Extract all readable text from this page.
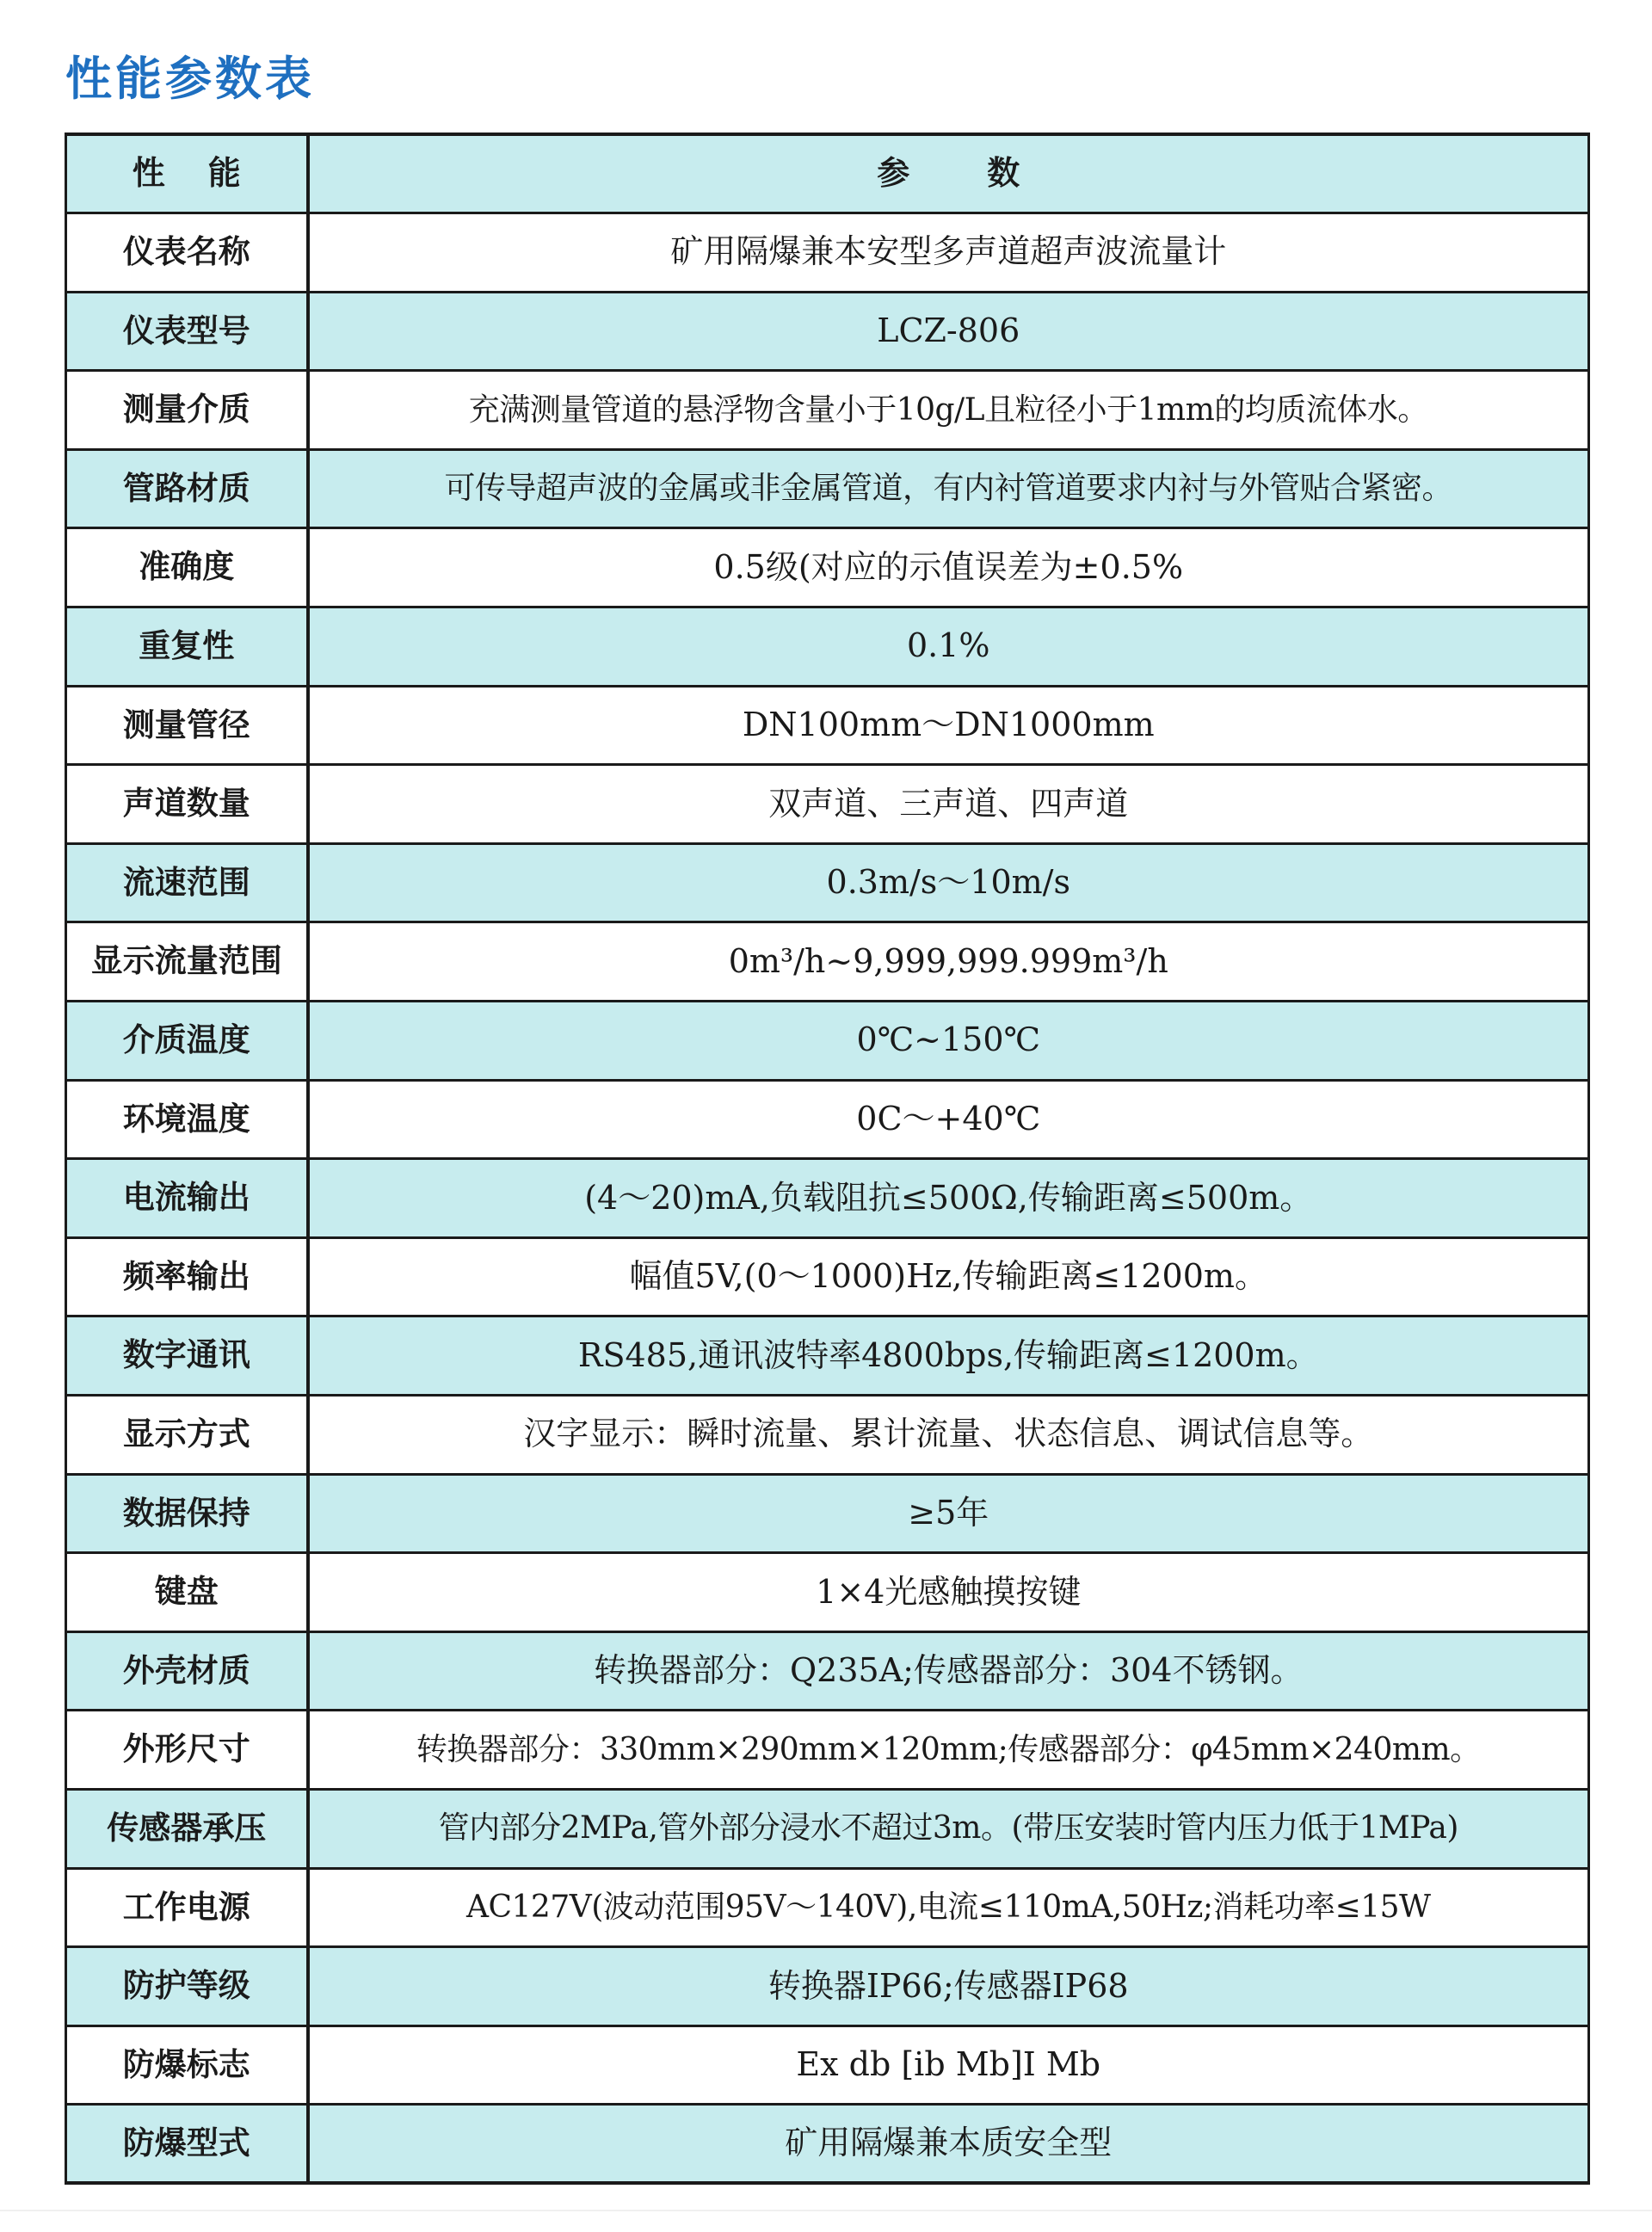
性能参数表
性能	参数
仪表名称	矿用隔爆兼本安型多声道超声波流量计
仪表型号	LCZ-806
测量介质	充满测量管道的悬浮物含量小于10g/L且粒径小于1mm的均质流体水。
管路材质	可传导超声波的金属或非金属管道，有内衬管道要求内衬与外管贴合紧密。
准确度	0.5级(对应的示值误差为±0.5%
重复性	0.1%
测量管径	DN100mm～DN1000mm
声道数量	双声道、三声道、四声道
流速范围	0.3m/s～10m/s
显示流量范围	0m³/h~9,999,999.999m³/h
介质温度	0℃~150℃
环境温度	0C～+40℃
电流输出	(4～20)mA,负载阻抗≤500Ω,传输距离≤500m。
频率输出	幅值5V,(0～1000)Hz,传输距离≤1200m。
数字通讯	RS485,通讯波特率4800bps,传输距离≤1200m。
显示方式	汉字显示：瞬时流量、累计流量、状态信息、调试信息等。
数据保持	≥5年
键盘	1×4光感触摸按键
外壳材质	转换器部分：Q235A;传感器部分：304不锈钢。
外形尺寸	转换器部分：330mm×290mm×120mm;传感器部分：φ45mm×240mm。
传感器承压	管内部分2MPa,管外部分浸水不超过3m。(带压安装时管内压力低于1MPa)
工作电源	AC127V(波动范围95V～140V),电流≤110mA,50Hz;消耗功率≤15W
防护等级	转换器IP66;传感器IP68
防爆标志	Ex db [ib Mb]I Mb
防爆型式	矿用隔爆兼本质安全型
